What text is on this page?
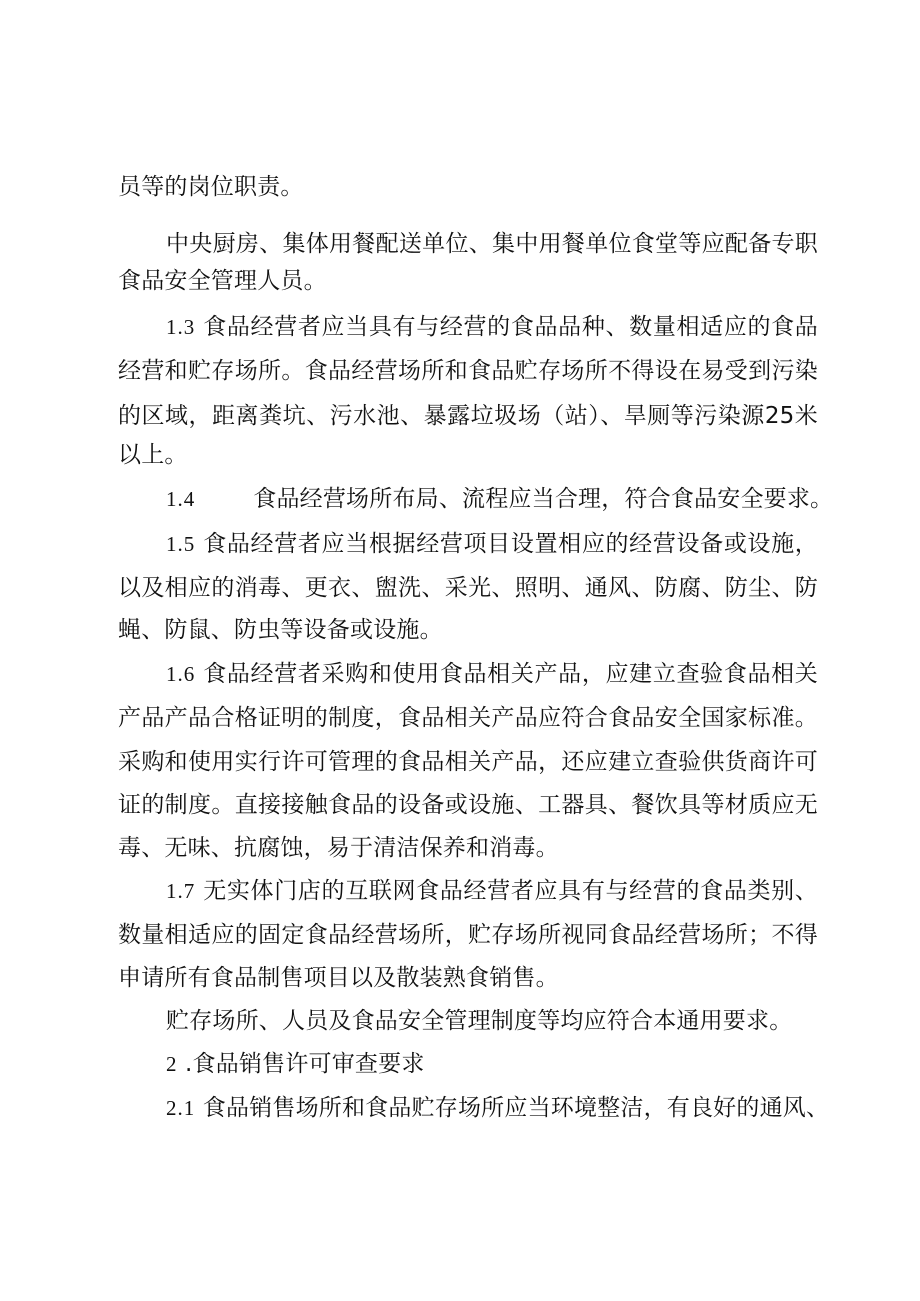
员等的岗位职责。
中央厨房、集体用餐配送单位、集中用餐单位食堂等应配备专职
食品安全管理人员。
1.3 食品经营者应当具有与经营的食品品种、数量相适应的食品
经营和贮存场所。食品经营场所和食品贮存场所不得设在易受到污染
的区域，距离粪坑、污水池、暴露垃圾场（站）、旱厕等污染源25米
以上。
1.4	食品经营场所布局、流程应当合理，符合食品安全要求。
1.5 食品经营者应当根据经营项目设置相应的经营设备或设施，
以及相应的消毒、更衣、盥洗、采光、照明、通风、防腐、防尘、防
蝇、防鼠、防虫等设备或设施。
1.6 食品经营者采购和使用食品相关产品，应建立查验食品相关
产品产品合格证明的制度，食品相关产品应符合食品安全国家标准。
采购和使用实行许可管理的食品相关产品，还应建立查验供货商许可
证的制度。直接接触食品的设备或设施、工器具、餐饮具等材质应无
毒、无味、抗腐蚀，易于清洁保养和消毒。
1.7 无实体门店的互联网食品经营者应具有与经营的食品类别、
数量相适应的固定食品经营场所，贮存场所视同食品经营场所；不得
申请所有食品制售项目以及散装熟食销售。
贮存场所、人员及食品安全管理制度等均应符合本通用要求。
2 .食品销售许可审查要求
2.1 食品销售场所和食品贮存场所应当环境整洁，有良好的通风、
